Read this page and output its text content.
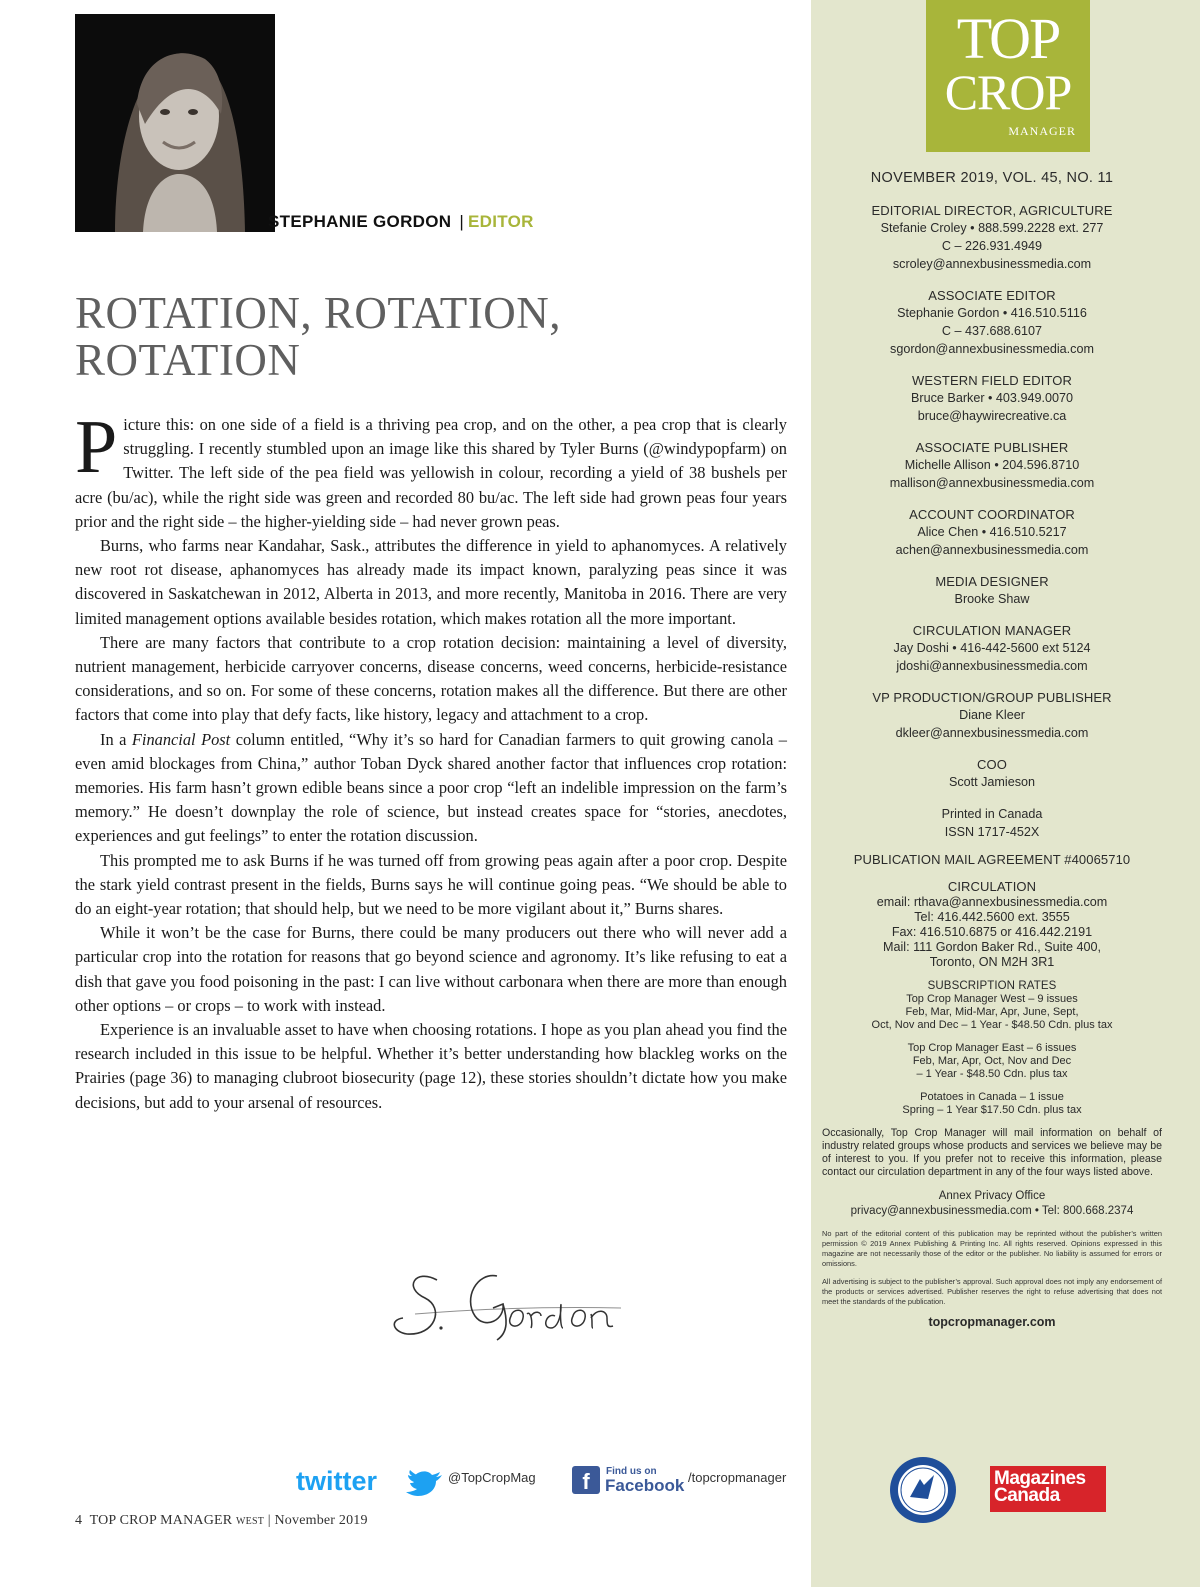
STEPHANIE GORDON | EDITOR
ROTATION, ROTATION, ROTATION

Picture this: on one side of a field is a thriving pea crop, and on the other, a pea crop that is clearly struggling. I recently stumbled upon an image like this shared by Tyler Burns (@windypopfarm) on Twitter. The left side of the pea field was yellowish in colour, recording a yield of 38 bushels per acre (bu/ac), while the right side was green and recorded 80 bu/ac. The left side had grown peas four years prior and the right side – the higher-yielding side – had never grown peas.

Burns, who farms near Kandahar, Sask., attributes the difference in yield to aphanomyces. A relatively new root rot disease, aphanomyces has already made its impact known, paralyzing peas since it was discovered in Saskatchewan in 2012, Alberta in 2013, and more recently, Manitoba in 2016. There are very limited management options available besides rotation, which makes rotation all the more important.

There are many factors that contribute to a crop rotation decision: maintaining a level of diversity, nutrient management, herbicide carryover concerns, disease concerns, weed concerns, herbicide-resistance considerations, and so on. For some of these concerns, rotation makes all the difference. But there are other factors that come into play that defy facts, like history, legacy and attachment to a crop.

In a Financial Post column entitled, “Why it’s so hard for Canadian farmers to quit growing canola – even amid blockages from China,” author Toban Dyck shared another factor that influences crop rotation: memories. His farm hasn’t grown edible beans since a poor crop “left an indelible impression on the farm’s memory.” He doesn’t downplay the role of science, but instead creates space for “stories, anecdotes, experiences and gut feelings” to enter the rotation discussion.

This prompted me to ask Burns if he was turned off from growing peas again after a poor crop. Despite the stark yield contrast present in the fields, Burns says he will continue going peas. “We should be able to do an eight-year rotation; that should help, but we need to be more vigilant about it,” Burns shares.

While it won’t be the case for Burns, there could be many producers out there who will never add a particular crop into the rotation for reasons that go beyond science and agronomy. It’s like refusing to eat a dish that gave you food poisoning in the past: I can live without carbonara when there are more than enough other options – or crops – to work with instead.

Experience is an invaluable asset to have when choosing rotations. I hope as you plan ahead you find the research included in this issue to be helpful. Whether it’s better understanding how blackleg works on the Prairies (page 36) to managing clubroot biosecurity (page 12), these stories shouldn’t dictate how you make decisions, but add to your arsenal of resources.

twitter	@TopCropMag	f	Find us on
Facebook /topcropmanager
4 TOP CROP MANAGER WEST | November 2019
TOP
CROP
MANAGER
NOVEMBER 2019, VOL. 45, NO. 11
EDITORIAL DIRECTOR, AGRICULTURE
Stefanie Croley • 888.599.2228 ext. 277
C – 226.931.4949
scroley@annexbusinessmedia.com
ASSOCIATE EDITOR
Stephanie Gordon • 416.510.5116
C – 437.688.6107
sgordon@annexbusinessmedia.com
WESTERN FIELD EDITOR
Bruce Barker • 403.949.0070
bruce@haywirecreative.ca
ASSOCIATE PUBLISHER
Michelle Allison • 204.596.8710
mallison@annexbusinessmedia.com
ACCOUNT COORDINATOR
Alice Chen • 416.510.5217
achen@annexbusinessmedia.com
MEDIA DESIGNER
Brooke Shaw
CIRCULATION MANAGER
Jay Doshi • 416-442-5600 ext 5124
jdoshi@annexbusinessmedia.com
VP PRODUCTION/GROUP PUBLISHER
Diane Kleer
dkleer@annexbusinessmedia.com
COO
Scott Jamieson
Printed in Canada
ISSN 1717-452X
PUBLICATION MAIL AGREEMENT #40065710
CIRCULATION
email: rthava@annexbusinessmedia.com
Tel: 416.442.5600 ext. 3555
Fax: 416.510.6875 or 416.442.2191
Mail: 111 Gordon Baker Rd., Suite 400,
Toronto, ON M2H 3R1
SUBSCRIPTION RATES
Top Crop Manager West – 9 issues
Feb, Mar, Mid-Mar, Apr, June, Sept,
Oct, Nov and Dec – 1 Year - $48.50 Cdn. plus tax
Top Crop Manager East – 6 issues
Feb, Mar, Apr, Oct, Nov and Dec
– 1 Year - $48.50 Cdn. plus tax
Potatoes in Canada – 1 issue
Spring – 1 Year $17.50 Cdn. plus tax
Occasionally, Top Crop Manager will mail information on behalf of industry related groups whose products and services we believe may be of interest to you. If you prefer not to receive this information, please contact our circulation department in any of the four ways listed above.
Annex Privacy Office
privacy@annexbusinessmedia.com • Tel: 800.668.2374
No part of the editorial content of this publication may be reprinted without the publisher’s written permission © 2019 Annex Publishing & Printing Inc. All rights reserved. Opinions expressed in this magazine are not necessarily those of the editor or the publisher. No liability is assumed for errors or omissions.
All advertising is subject to the publisher’s approval. Such approval does not imply any endorsement of the products or services advertised. Publisher reserves the right to refuse advertising that does not meet the standards of the publication.
topcropmanager.com
Magazines
Canada
